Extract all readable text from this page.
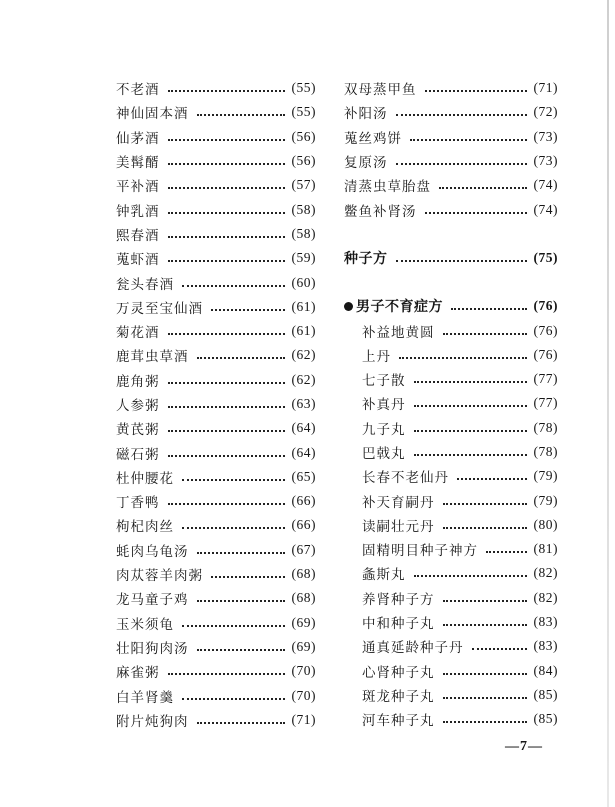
不老酒	(55)
神仙固本酒	(55)
仙茅酒	(56)
美髯醑	(56)
平补酒	(57)
钟乳酒	(58)
熙春酒	(58)
蒐虾酒	(59)
瓮头春酒	(60)
万灵至宝仙酒	(61)
菊花酒	(61)
鹿茸虫草酒	(62)
鹿角粥	(62)
人参粥	(63)
黄芪粥	(64)
磁石粥	(64)
杜仲腰花	(65)
丁香鸭	(66)
枸杞肉丝	(66)
蚝肉乌龟汤	(67)
肉苁蓉羊肉粥	(68)
龙马童子鸡	(68)
玉米须龟	(69)
壮阳狗肉汤	(69)
麻雀粥	(70)
白羊肾羹	(70)
附片炖狗肉	(71)
双母蒸甲鱼	(71)
补阳汤	(72)
蒐丝鸡饼	(73)
复原汤	(73)
清蒸虫草胎盘	(74)
鳖鱼补肾汤	(74)
种子方	(75)
男子不育症方	(76)
补益地黄圆	(76)
上丹	(76)
七子散	(77)
补真丹	(77)
九子丸	(78)
巴戟丸	(78)
长春不老仙丹	(79)
补天育嗣丹	(79)
读嗣壮元丹	(80)
固精明目种子神方	(81)
螽斯丸	(82)
养肾种子方	(82)
中和种子丸	(83)
通真延龄种子丹	(83)
心肾种子丸	(84)
斑龙种子丸	(85)
河车种子丸	(85)
—7—
